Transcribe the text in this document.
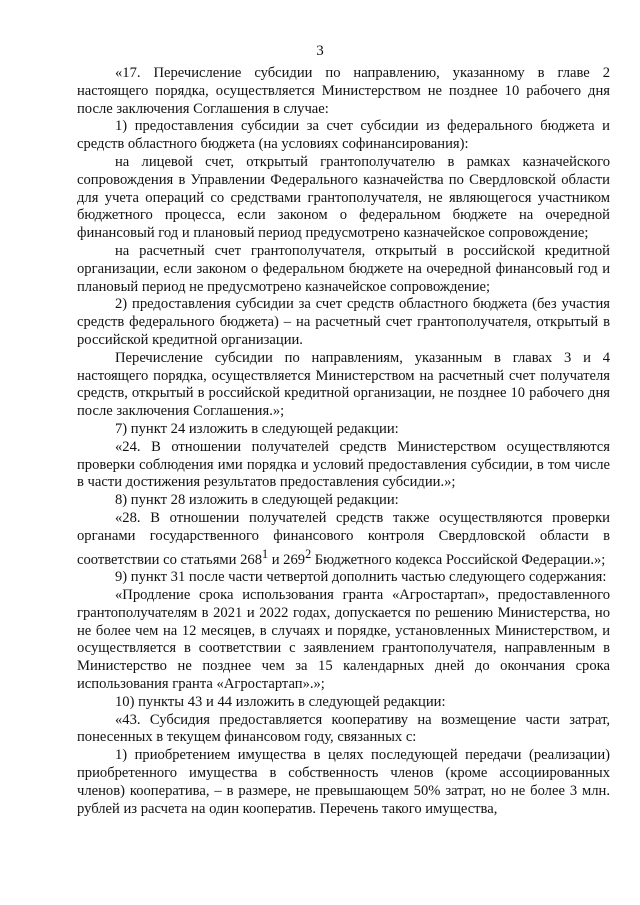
3

«17. Перечисление субсидии по направлению, указанному в главе 2 настоящего порядка, осуществляется Министерством не позднее 10 рабочего дня после заключения Соглашения в случае:

1) предоставления субсидии за счет субсидии из федерального бюджета и средств областного бюджета (на условиях софинансирования):

на лицевой счет, открытый грантополучателю в рамках казначейского сопровождения в Управлении Федерального казначейства по Свердловской области для учета операций со средствами грантополучателя, не являющегося участником бюджетного процесса, если законом о федеральном бюджете на очередной финансовый год и плановый период предусмотрено казначейское сопровождение;

на расчетный счет грантополучателя, открытый в российской кредитной организации, если законом о федеральном бюджете на очередной финансовый год и плановый период не предусмотрено казначейское сопровождение;

2) предоставления субсидии за счет средств областного бюджета (без участия средств федерального бюджета) – на расчетный счет грантополучателя, открытый в российской кредитной организации.

Перечисление субсидии по направлениям, указанным в главах 3 и 4 настоящего порядка, осуществляется Министерством на расчетный счет получателя средств, открытый в российской кредитной организации, не позднее 10 рабочего дня после заключения Соглашения.»;

7) пункт 24 изложить в следующей редакции:

«24. В отношении получателей средств Министерством осуществляются проверки соблюдения ими порядка и условий предоставления субсидии, в том числе в части достижения результатов предоставления субсидии.»;

8) пункт 28 изложить в следующей редакции:

«28. В отношении получателей средств также осуществляются проверки органами государственного финансового контроля Свердловской области в соответствии со статьями $268^1$ и $269^2$ Бюджетного кодекса Российской Федерации.»;

9) пункт 31 после части четвертой дополнить частью следующего содержания:

«Продление срока использования гранта «Агростартап», предоставленного грантополучателям в 2021 и 2022 годах, допускается по решению Министерства, но не более чем на 12 месяцев, в случаях и порядке, установленных Министерством, и осуществляется в соответствии с заявлением грантополучателя, направленным в Министерство не позднее чем за 15 календарных дней до окончания срока использования гранта «Агростартап».»;

10) пункты 43 и 44 изложить в следующей редакции:

«43. Субсидия предоставляется кооперативу на возмещение части затрат, понесенных в текущем финансовом году, связанных с:

1) приобретением имущества в целях последующей передачи (реализации) приобретенного имущества в собственность членов (кроме ассоциированных членов) кооператива, – в размере, не превышающем 50% затрат, но не более 3 млн. рублей из расчета на один кооператив. Перечень такого имущества,
